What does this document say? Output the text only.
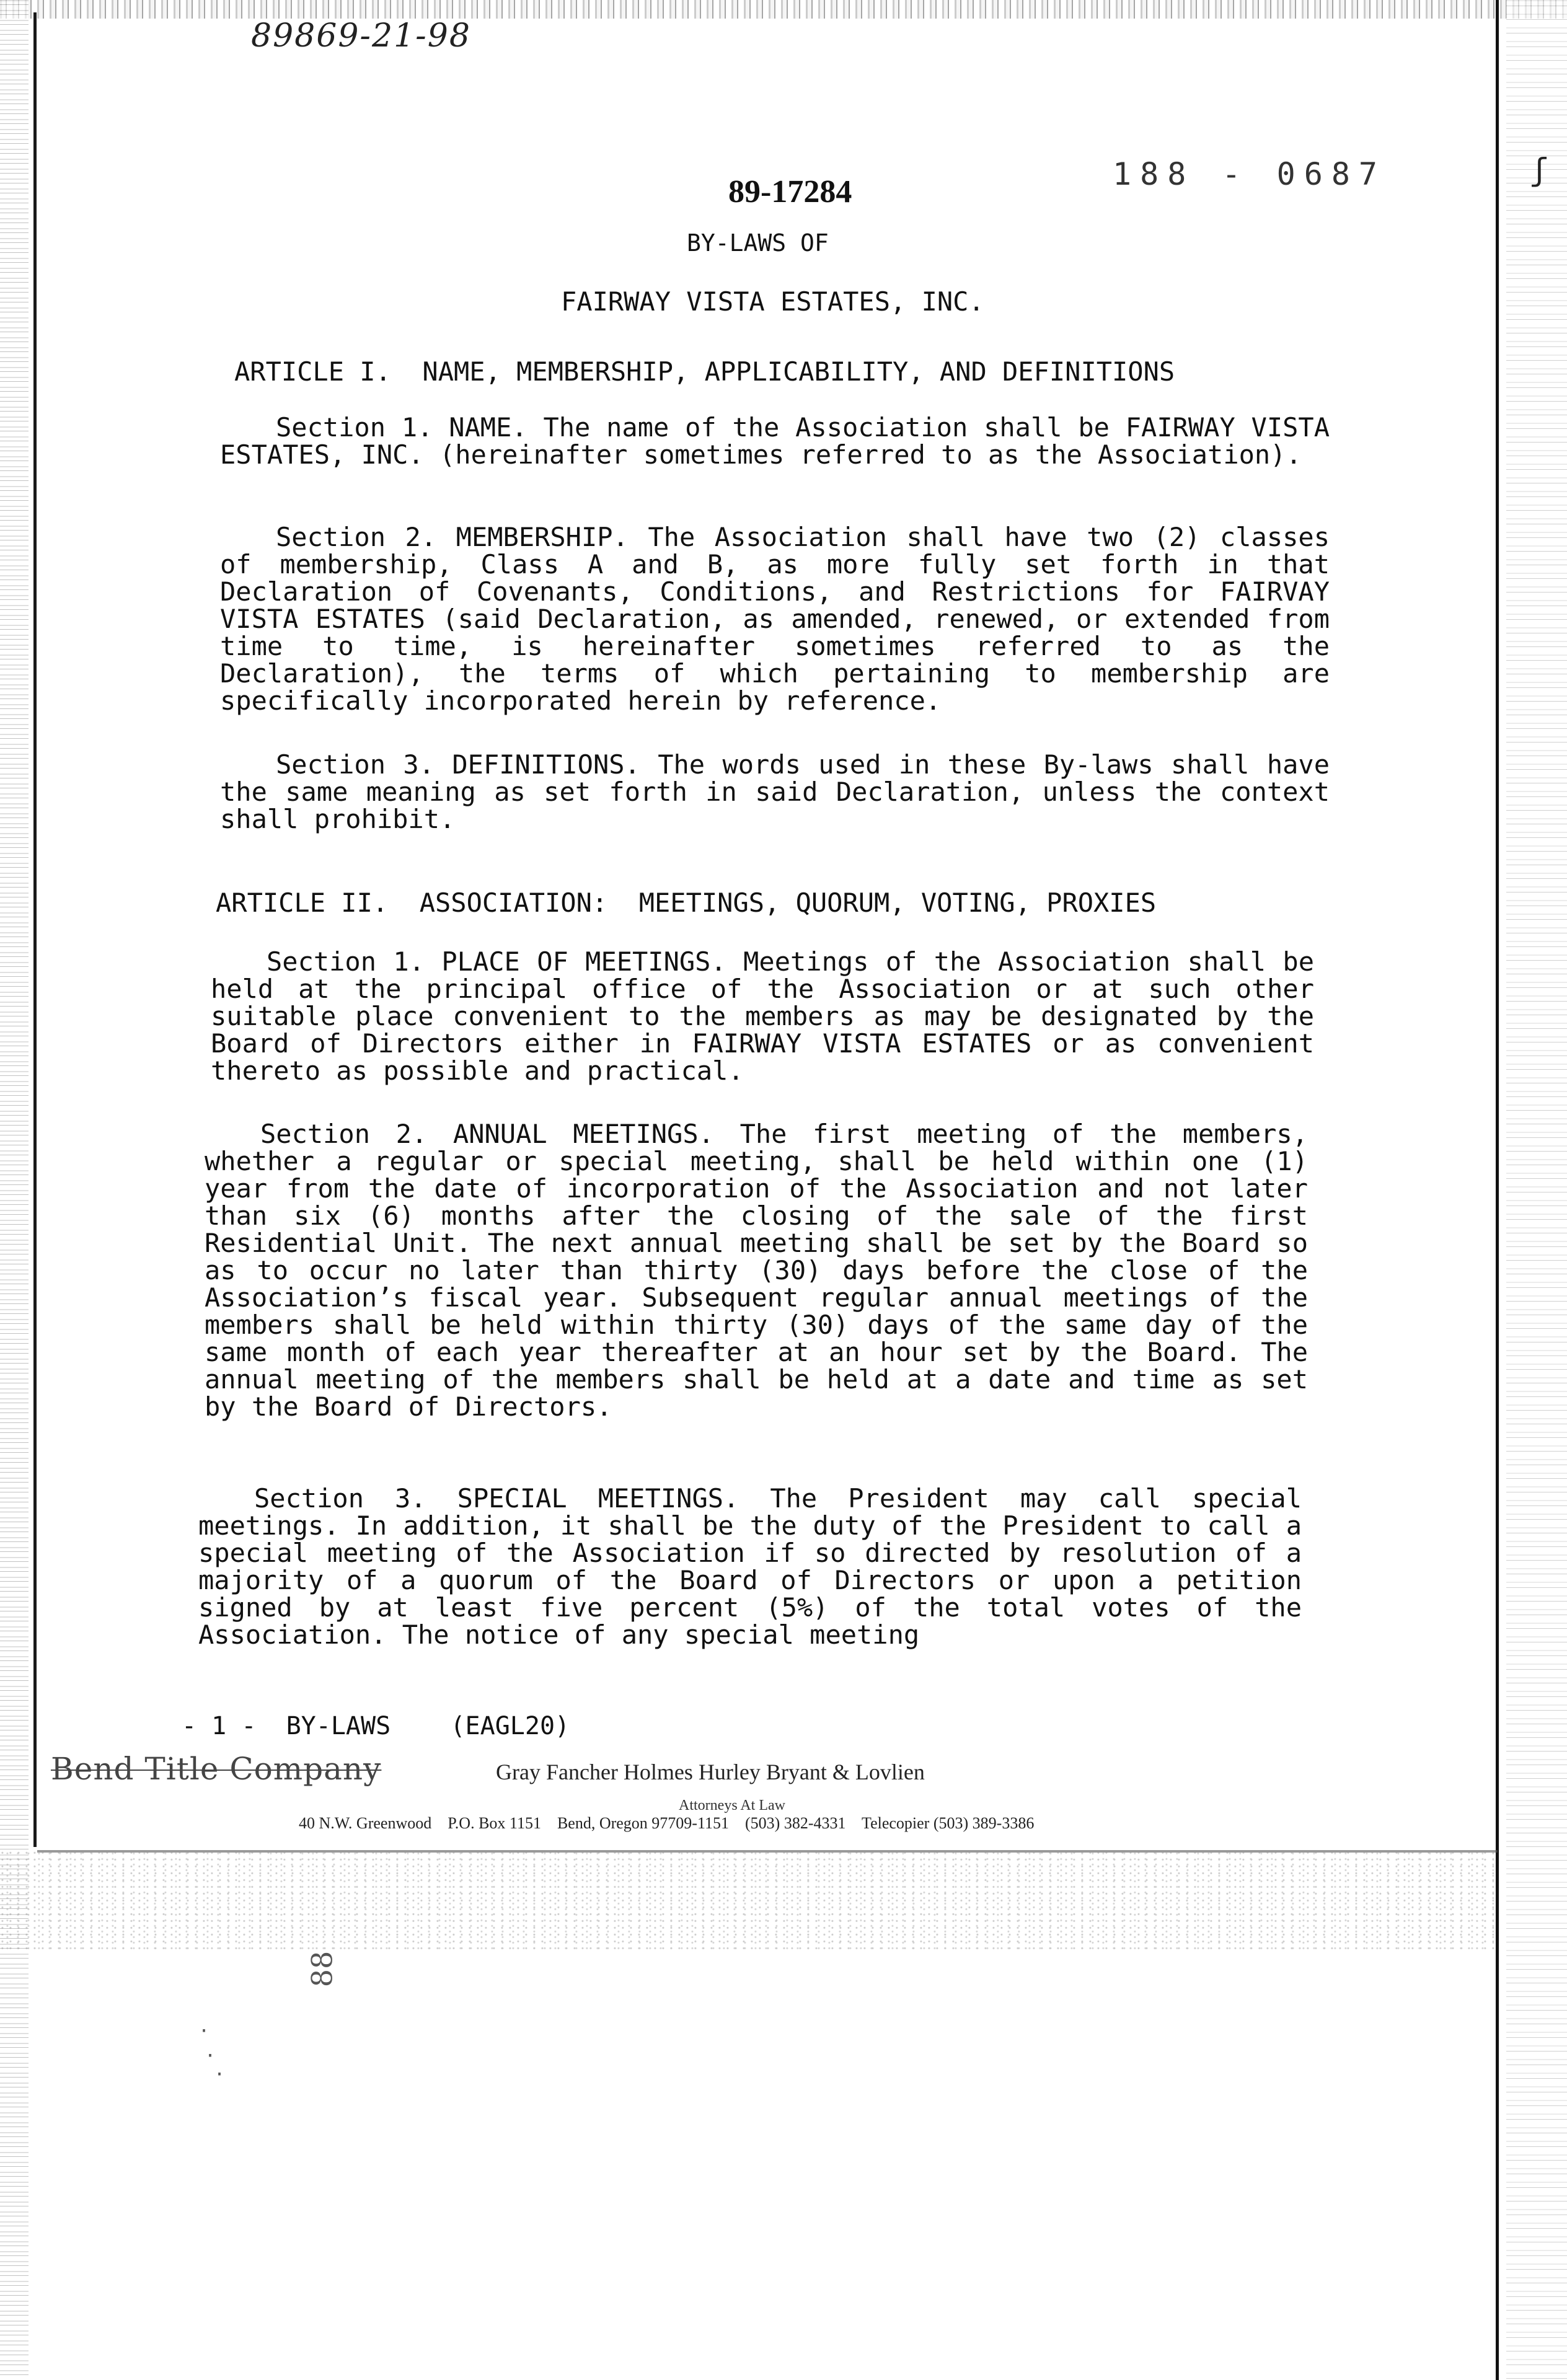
89869-21-98
ʃ
89-17284	188 - 0687
BY-LAWS OF
FAIRWAY VISTA ESTATES, INC.
ARTICLE I.  NAME, MEMBERSHIP, APPLICABILITY, AND DEFINITIONS
Section 1. NAME. The name of the Association shall be FAIRWAY VISTA ESTATES, INC. (hereinafter sometimes referred to as the Association).
Section 2. MEMBERSHIP. The Association shall have two (2) classes of membership, Class A and B, as more fully set forth in that Declaration of Covenants, Conditions, and Restrictions for FAIRVAY VISTA ESTATES (said Declaration, as amended, renewed, or extended from time to time, is hereinafter sometimes referred to as the Declaration), the terms of which pertaining to membership are specifically incorporated herein by reference.
Section 3. DEFINITIONS. The words used in these By-laws shall have the same meaning as set forth in said Declaration, unless the context shall prohibit.
ARTICLE II.  ASSOCIATION:  MEETINGS, QUORUM, VOTING, PROXIES
Section 1. PLACE OF MEETINGS. Meetings of the Association shall be held at the principal office of the Association or at such other suitable place convenient to the members as may be designated by the Board of Directors either in FAIRWAY VISTA ESTATES or as convenient thereto as possible and practical.
Section 2. ANNUAL MEETINGS. The first meeting of the members, whether a regular or special meeting, shall be held within one (1) year from the date of incorporation of the Association and not later than six (6) months after the closing of the sale of the first Residential Unit. The next annual meeting shall be set by the Board so as to occur no later than thirty (30) days before the close of the Association’s fiscal year. Subsequent regular annual meetings of the members shall be held within thirty (30) days of the same day of the same month of each year thereafter at an hour set by the Board. The annual meeting of the members shall be held at a date and time as set by the Board of Directors.
Section 3. SPECIAL MEETINGS. The President may call special meetings. In addition, it shall be the duty of the President to call a special meeting of the Association if so directed by resolution of a majority of a quorum of the Board of Directors or upon a petition signed by at least five percent (5%) of the total votes of the Association. The notice of any special meeting
- 1 -  BY-LAWS    (EAGL20)
Bend Title Company	Gray Fancher Holmes Hurley Bryant & Lovlien
Attorneys At Law
40 N.W. Greenwood    P.O. Box 1151    Bend, Oregon 97709-1151    (503) 382-4331    Telecopier (503) 389-3386
88
·
·
·
